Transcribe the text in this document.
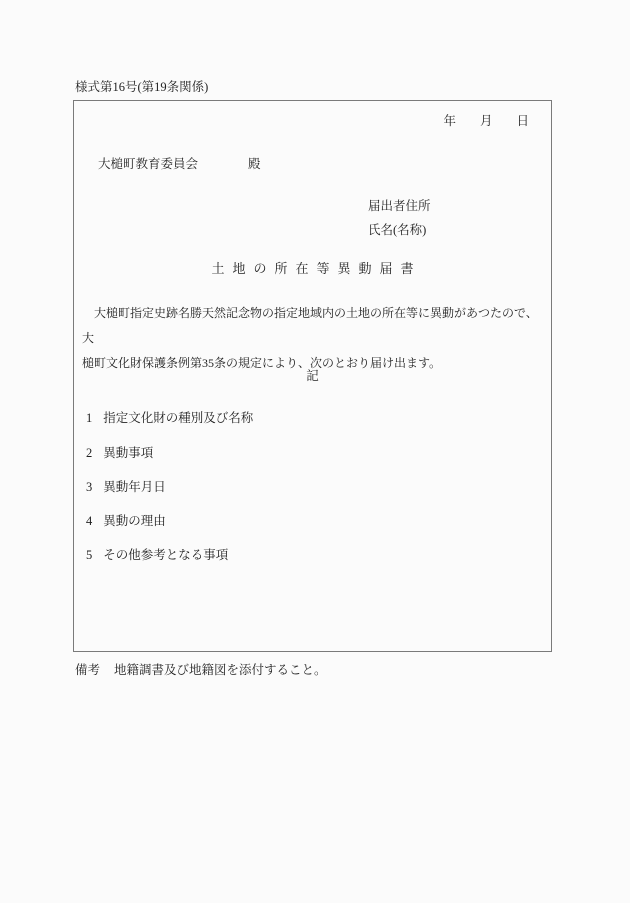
様式第16号(第19条関係)
年 月 日
大槌町教育委員会	殿
届出者住所
氏名(名称)
土地の所在等異動届書
大槌町指定史跡名勝天然記念物の指定地域内の土地の所在等に異動があつたので、大
槌町文化財保護条例第35条の規定により、次のとおり届け出ます。
記
1 指定文化財の種別及び名称
2 異動事項
3 異動年月日
4 異動の理由
5 その他参考となる事項
備考 地籍調書及び地籍図を添付すること。
